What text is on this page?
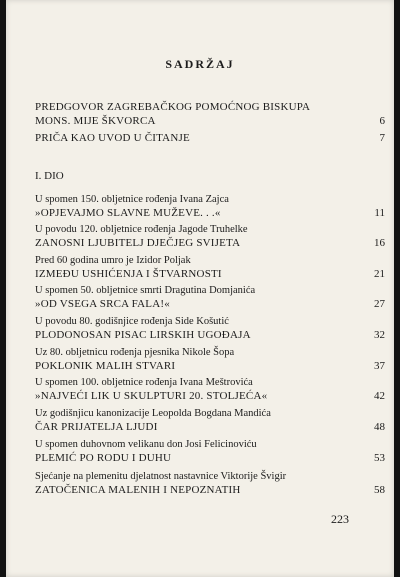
SADRŽAJ
PREDGOVOR ZAGREBAČKOG POMOĆNOG BISKUPA
MONS. MIJE ŠKVORCA	6
PRIČA KAO UVOD U ČITANJE	7
I. DIO
U spomen 150. obljetnice rođenja Ivana Zajca
»OPJEVAJMO SLAVNE MUŽEVE. . .«	11
U povodu 120. obljetnice rođenja Jagode Truhelke
ZANOSNI LJUBITELJ DJEČJEG SVIJETA	16
Pred 60 godina umro je Izidor Poljak
IZMEĐU USHIĆENJA I ŠTVARNOSTI	21
U spomen 50. obljetnice smrti Dragutina Domjanića
»OD VSEGA SRCA FALA!«	27
U povodu 80. godišnjice rođenja Side Košutić
PLODONOSAN PISAC LIRSKIH UGOĐAJA	32
Uz 80. obljetnicu rođenja pjesnika Nikole Šopa
POKLONIK MALIH STVARI	37
U spomen 100. obljetnice rođenja Ivana Meštrovića
»NAJVEĆI LIK U SKULPTURI 20. STOLJEĆA«	42
Uz godišnjicu kanonizacije Leopolda Bogdana Mandića
ČAR PRIJATELJA LJUDI	48
U spomen duhovnom velikanu don Josi Felicinoviću
PLEMIĆ PO RODU I DUHU	53
Sjećanje na plemenitu djelatnost nastavnice Viktorije Švigir
ZATOČENICA MALENIH I NEPOZNATIH	58
223
